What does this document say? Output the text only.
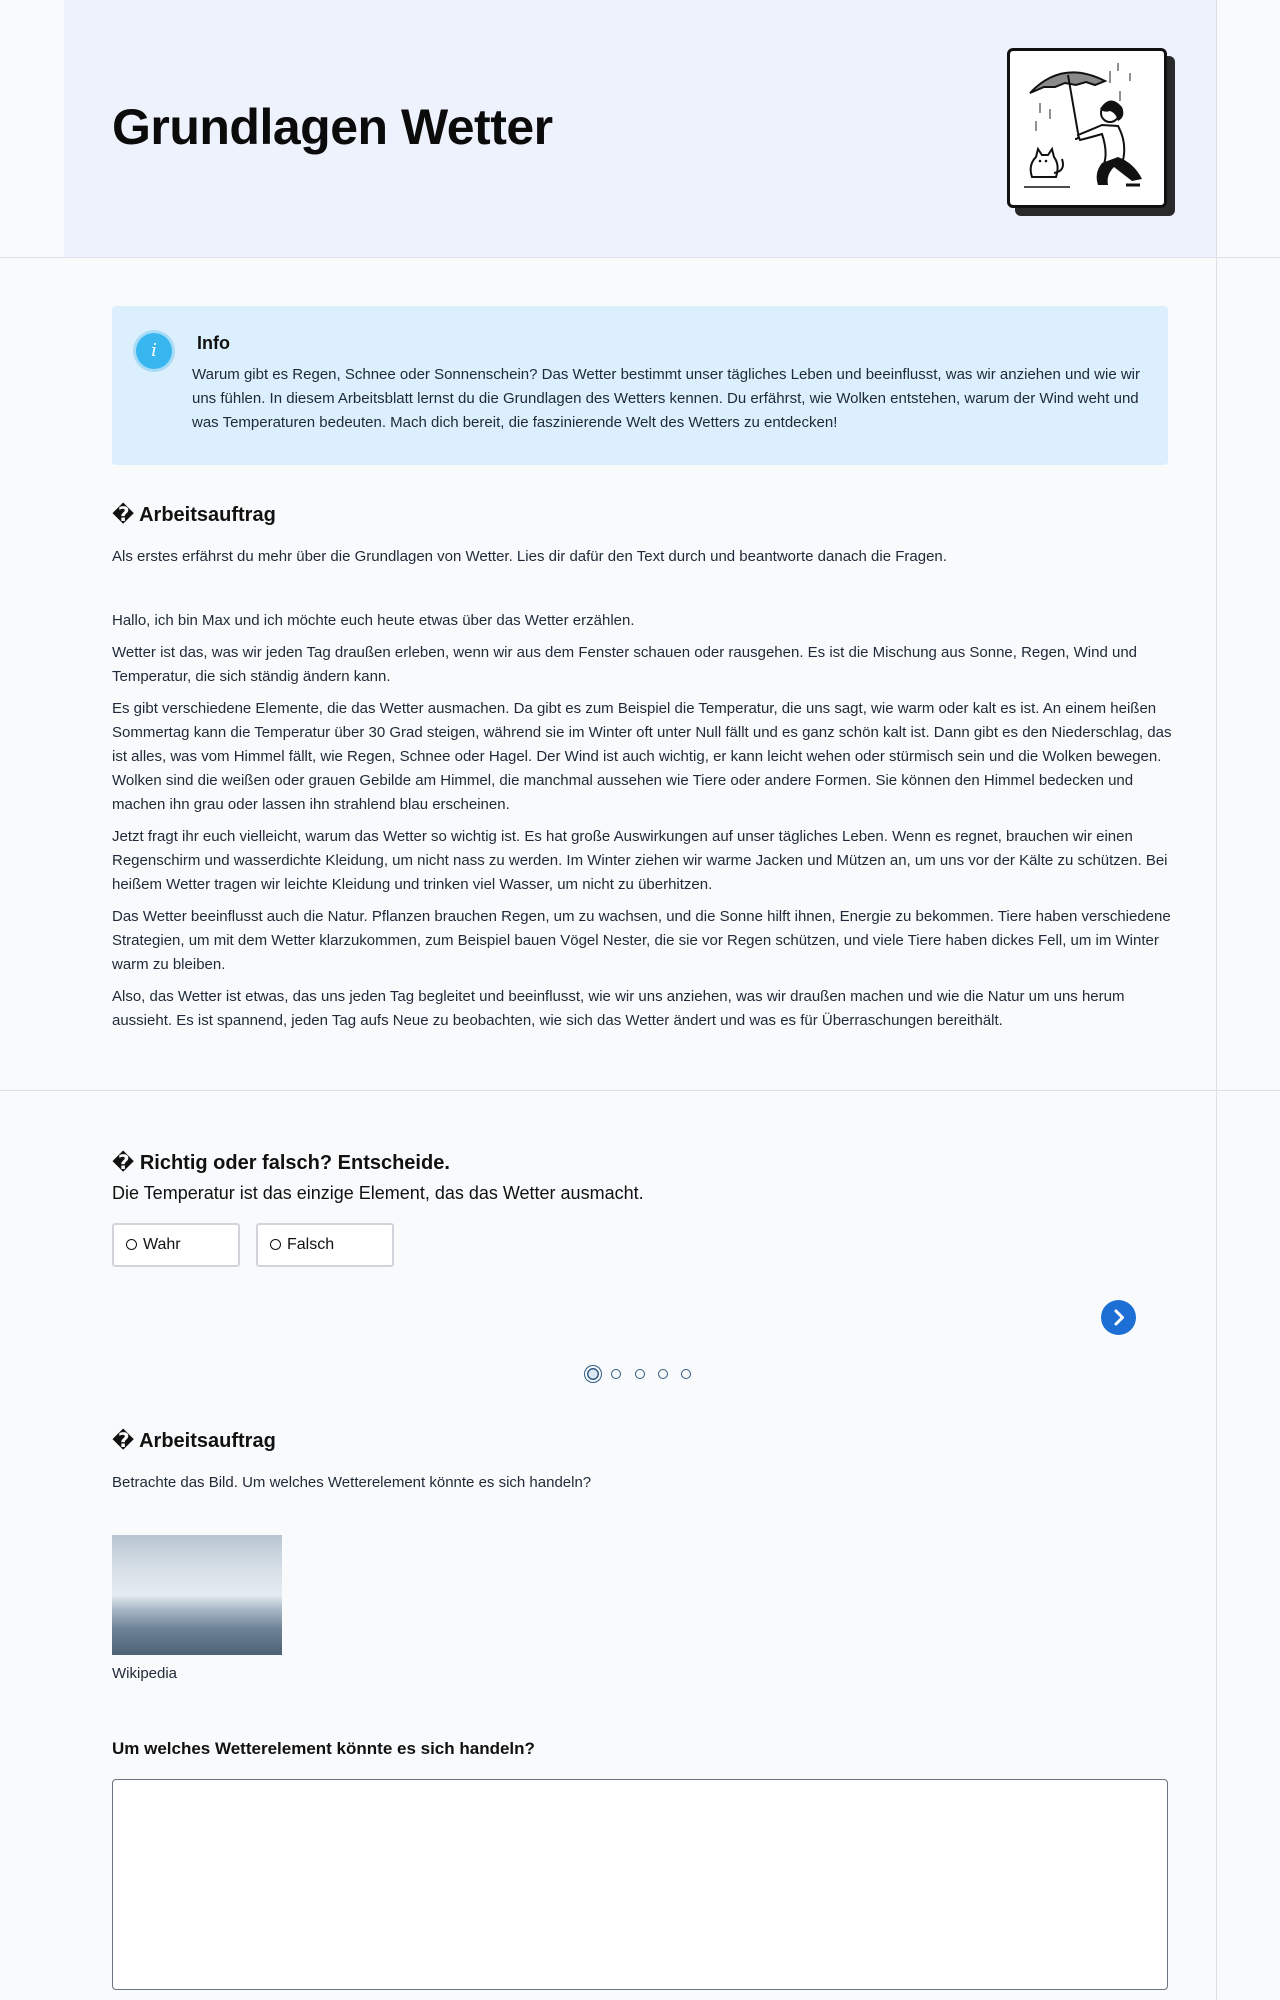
Grundlagen Wetter
i	Info
Warum gibt es Regen, Schnee oder Sonnenschein? Das Wetter bestimmt unser tägliches Leben und beeinflusst, was wir anziehen und wie wir uns fühlen. In diesem Arbeitsblatt lernst du die Grundlagen des Wetters kennen. Du erfährst, wie Wolken entstehen, warum der Wind weht und was Temperaturen bedeuten. Mach dich bereit, die faszinierende Welt des Wetters zu entdecken!
� Arbeitsauftrag

Als erstes erfährst du mehr über die Grundlagen von Wetter. Lies dir dafür den Text durch und beantworte danach die Fragen.

Hallo, ich bin Max und ich möchte euch heute etwas über das Wetter erzählen.

Wetter ist das, was wir jeden Tag draußen erleben, wenn wir aus dem Fenster schauen oder rausgehen. Es ist die Mischung aus Sonne, Regen, Wind und Temperatur, die sich ständig ändern kann.

Es gibt verschiedene Elemente, die das Wetter ausmachen. Da gibt es zum Beispiel die Temperatur, die uns sagt, wie warm oder kalt es ist. An einem heißen Sommertag kann die Temperatur über 30 Grad steigen, während sie im Winter oft unter Null fällt und es ganz schön kalt ist. Dann gibt es den Niederschlag, das ist alles, was vom Himmel fällt, wie Regen, Schnee oder Hagel. Der Wind ist auch wichtig, er kann leicht wehen oder stürmisch sein und die Wolken bewegen. Wolken sind die weißen oder grauen Gebilde am Himmel, die manchmal aussehen wie Tiere oder andere Formen. Sie können den Himmel bedecken und machen ihn grau oder lassen ihn strahlend blau erscheinen.

Jetzt fragt ihr euch vielleicht, warum das Wetter so wichtig ist. Es hat große Auswirkungen auf unser tägliches Leben. Wenn es regnet, brauchen wir einen Regenschirm und wasserdichte Kleidung, um nicht nass zu werden. Im Winter ziehen wir warme Jacken und Mützen an, um uns vor der Kälte zu schützen. Bei heißem Wetter tragen wir leichte Kleidung und trinken viel Wasser, um nicht zu überhitzen.

Das Wetter beeinflusst auch die Natur. Pflanzen brauchen Regen, um zu wachsen, und die Sonne hilft ihnen, Energie zu bekommen. Tiere haben verschiedene Strategien, um mit dem Wetter klarzukommen, zum Beispiel bauen Vögel Nester, die sie vor Regen schützen, und viele Tiere haben dickes Fell, um im Winter warm zu bleiben.

Also, das Wetter ist etwas, das uns jeden Tag begleitet und beeinflusst, wie wir uns anziehen, was wir draußen machen und wie die Natur um uns herum aussieht. Es ist spannend, jeden Tag aufs Neue zu beobachten, wie sich das Wetter ändert und was es für Überraschungen bereithält.

� Richtig oder falsch? Entscheide.

Die Temperatur ist das einzige Element, das das Wetter ausmacht.

Wahr	Falsch
� Arbeitsauftrag

Betrachte das Bild. Um welches Wetterelement könnte es sich handeln?

Wikipedia
Um welches Wetterelement könnte es sich handeln?
